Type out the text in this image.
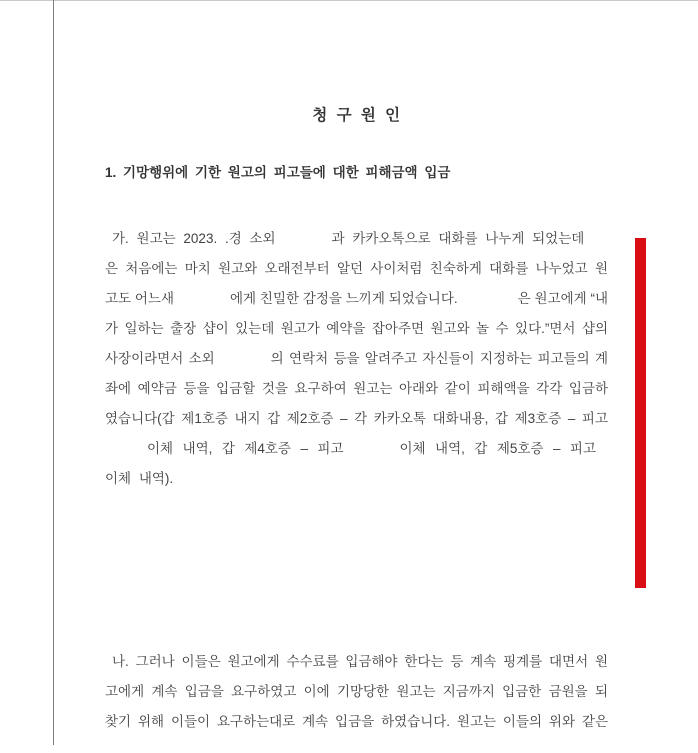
청 구 원 인
1. 기망행위에 기한 원고의 피고들에 대한 피해금액 입금
가. 원고는 2023. .경 소외	과 카카오톡으로 대화를 나누게 되었는데
은 처음에는 마치 원고와 오래전부터 알던 사이처럼 친숙하게 대화를 나누었고 원
고도 어느새	에게 친밀한 감정을 느끼게 되었습니다.	은 원고에게 “내
가 일하는 출장 샵이 있는데 원고가 예약을 잡아주면 원고와 놀 수 있다.”면서 샵의
사장이라면서 소외	의 연락처 등을 알려주고 자신들이 지정하는 피고들의 계
좌에 예약금 등을 입금할 것을 요구하여 원고는 아래와 같이 피해액을 각각 입금하
였습니다(갑 제1호증 내지 갑 제2호증 – 각 카카오톡 대화내용, 갑 제3호증 – 피고
이체 내역, 갑 제4호증 – 피고	이체 내역, 갑 제5호증 – 피고
이체 내역).
나. 그러나 이들은 원고에게 수수료를 입금해야 한다는 등 계속 핑계를 대면서 원
고에게 계속 입금을 요구하였고 이에 기망당한 원고는 지금까지 입금한 금원을 되
찾기 위해 이들이 요구하는대로 계속 입금을 하였습니다. 원고는 이들의 위와 같은
